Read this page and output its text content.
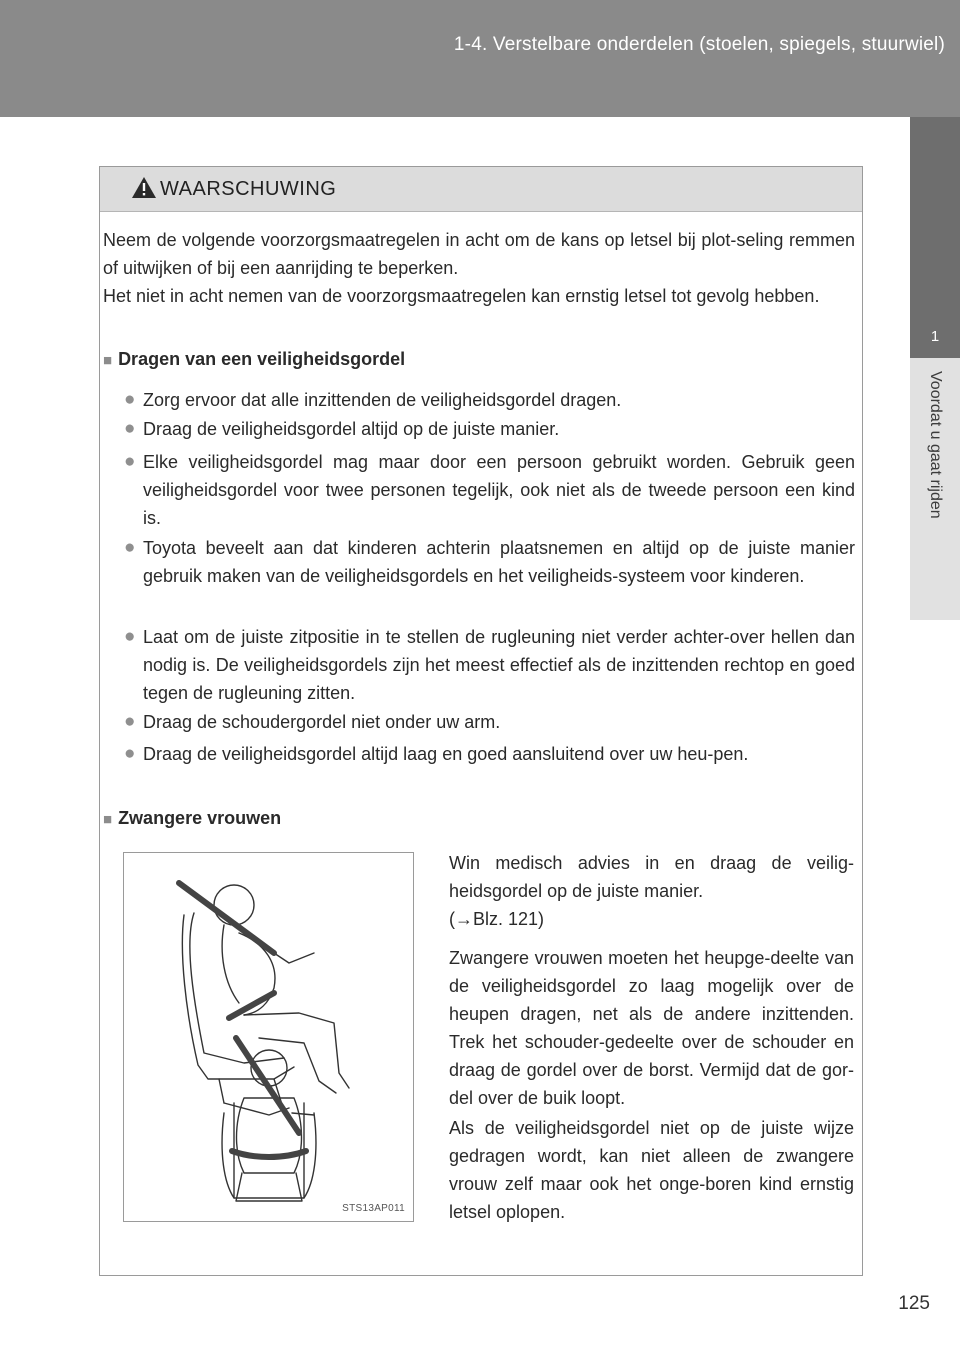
1-4. Verstelbare onderdelen (stoelen, spiegels, stuurwiel)
1
Voordat u gaat rijden
WAARSCHUWING

Neem de volgende voorzorgsmaatregelen in acht om de kans op letsel bij plot-seling remmen of uitwijken of bij een aanrijding te beperken.

Het niet in acht nemen van de voorzorgsmaatregelen kan ernstig letsel tot gevolg hebben.

■ Dragen van een veiligheidsgordel
● Zorg ervoor dat alle inzittenden de veiligheidsgordel dragen.

● Draag de veiligheidsgordel altijd op de juiste manier.

● Elke veiligheidsgordel mag maar door een persoon gebruikt worden. Gebruik geen veiligheidsgordel voor twee personen tegelijk, ook niet als de tweede persoon een kind is.

● Toyota beveelt aan dat kinderen achterin plaatsnemen en altijd op de juiste manier gebruik maken van de veiligheidsgordels en het veiligheids-systeem voor kinderen.

● Laat om de juiste zitpositie in te stellen de rugleuning niet verder achter-over hellen dan nodig is. De veiligheidsgordels zijn het meest effectief als de inzittenden rechtop en goed tegen de rugleuning zitten.

● Draag de schoudergordel niet onder uw arm.

● Draag de veiligheidsgordel altijd laag en goed aansluitend over uw heu-pen.

■ Zwangere vrouwen
STS13AP011

Win medisch advies in en draag de veilig-heidsgordel op de juiste manier.

(→Blz. 121)

Zwangere vrouwen moeten het heupge-deelte van de veiligheidsgordel zo laag mogelijk over de heupen dragen, net als de andere inzittenden. Trek het schouder-gedeelte over de schouder en draag de gordel over de borst. Vermijd dat de gor-del over de buik loopt.

Als de veiligheidsgordel niet op de juiste wijze gedragen wordt, kan niet alleen de zwangere vrouw zelf maar ook het onge-boren kind ernstig letsel oplopen.

125
